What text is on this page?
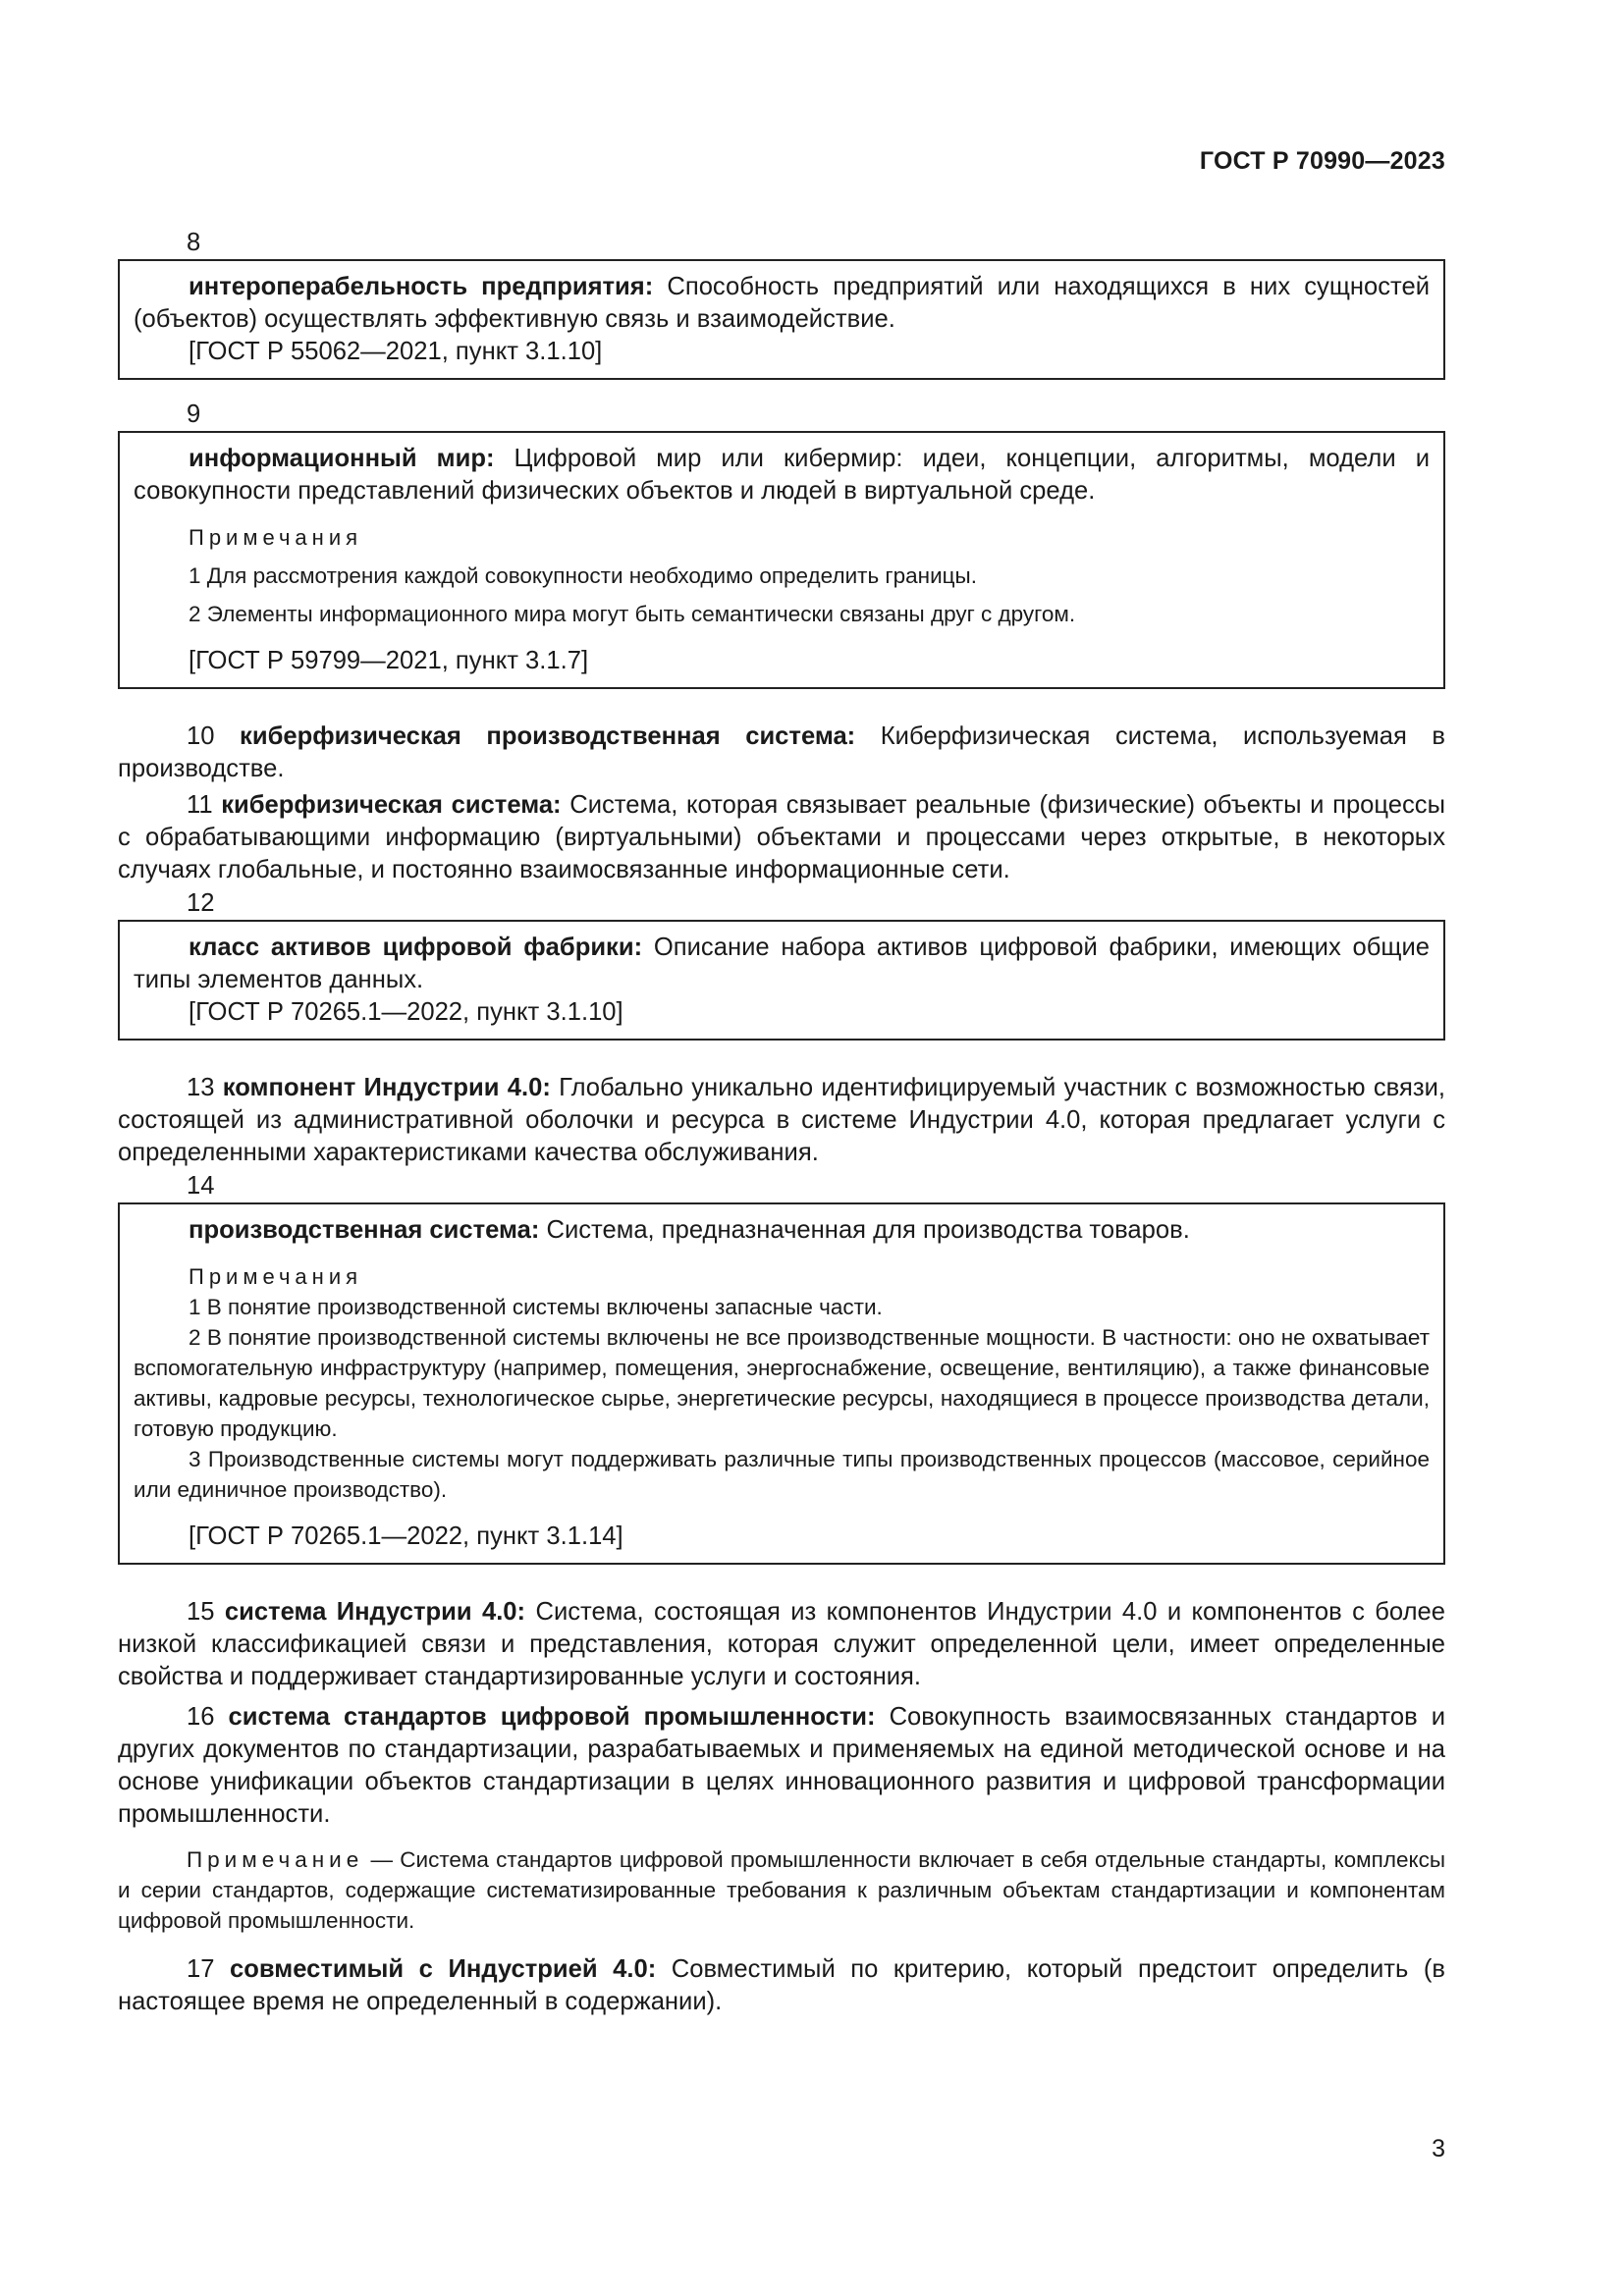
ГОСТ Р 70990—2023

8

интероперабельность предприятия: Способность предприятий или находящихся в них сущностей (объектов) осуществлять эффективную связь и взаимодействие.

[ГОСТ Р 55062—2021, пункт 3.1.10]

9

информационный мир: Цифровой мир или кибермир: идеи, концепции, алгоритмы, модели и совокупности представлений физических объектов и людей в виртуальной среде.

Примечания

1 Для рассмотрения каждой совокупности необходимо определить границы.

2 Элементы информационного мира могут быть семантически связаны друг с другом.

[ГОСТ Р 59799—2021, пункт 3.1.7]

10 киберфизическая производственная система: Киберфизическая система, используемая в производстве.

11 киберфизическая система: Система, которая связывает реальные (физические) объекты и процессы с обрабатывающими информацию (виртуальными) объектами и процессами через открытые, в некоторых случаях глобальные, и постоянно взаимосвязанные информационные сети.

12

класс активов цифровой фабрики: Описание набора активов цифровой фабрики, имеющих общие типы элементов данных.

[ГОСТ Р 70265.1—2022, пункт 3.1.10]

13 компонент Индустрии 4.0: Глобально уникально идентифицируемый участник с возможностью связи, состоящей из административной оболочки и ресурса в системе Индустрии 4.0, которая предлагает услуги с определенными характеристиками качества обслуживания.

14

производственная система: Система, предназначенная для производства товаров.

Примечания

1 В понятие производственной системы включены запасные части.

2 В понятие производственной системы включены не все производственные мощности. В частности: оно не охватывает вспомогательную инфраструктуру (например, помещения, энергоснабжение, освещение, вентиляцию), а также финансовые активы, кадровые ресурсы, технологическое сырье, энергетические ресурсы, находящиеся в процессе производства детали, готовую продукцию.

3 Производственные системы могут поддерживать различные типы производственных процессов (массовое, серийное или единичное производство).

[ГОСТ Р 70265.1—2022, пункт 3.1.14]

15 система Индустрии 4.0: Система, состоящая из компонентов Индустрии 4.0 и компонентов с более низкой классификацией связи и представления, которая служит определенной цели, имеет определенные свойства и поддерживает стандартизированные услуги и состояния.

16 система стандартов цифровой промышленности: Совокупность взаимосвязанных стандартов и других документов по стандартизации, разрабатываемых и применяемых на единой методической основе и на основе унификации объектов стандартизации в целях инновационного развития и цифровой трансформации промышленности.

Примечание — Система стандартов цифровой промышленности включает в себя отдельные стандарты, комплексы и серии стандартов, содержащие систематизированные требования к различным объектам стандартизации и компонентам цифровой промышленности.

17 совместимый с Индустрией 4.0: Совместимый по критерию, который предстоит определить (в настоящее время не определенный в содержании).

3
